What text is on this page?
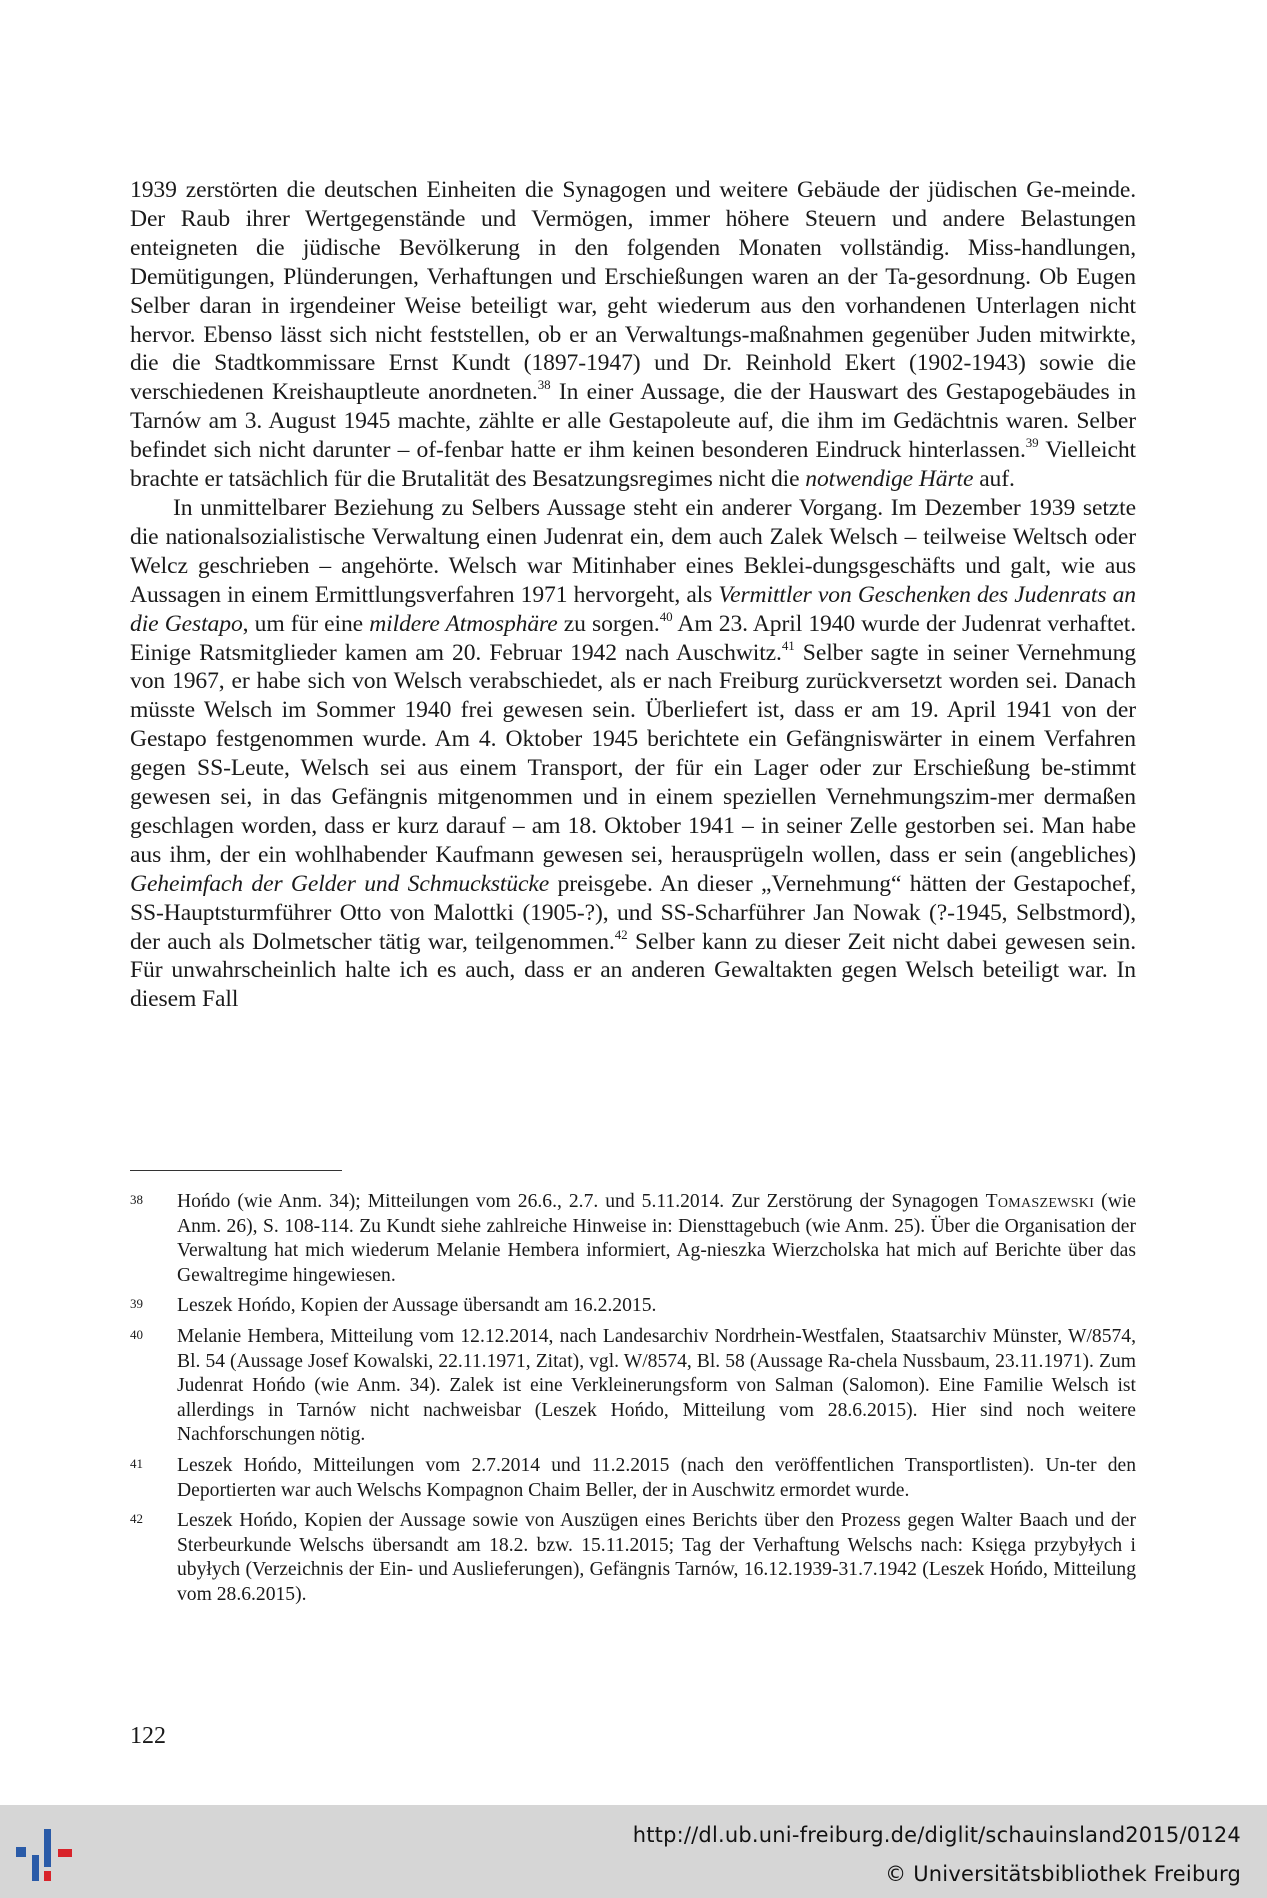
1939 zerstörten die deutschen Einheiten die Synagogen und weitere Gebäude der jüdischen Ge-meinde. Der Raub ihrer Wertgegenstände und Vermögen, immer höhere Steuern und andere Belastungen enteigneten die jüdische Bevölkerung in den folgenden Monaten vollständig. Miss-handlungen, Demütigungen, Plünderungen, Verhaftungen und Erschießungen waren an der Ta-gesordnung. Ob Eugen Selber daran in irgendeiner Weise beteiligt war, geht wiederum aus den vorhandenen Unterlagen nicht hervor. Ebenso lässt sich nicht feststellen, ob er an Verwaltungs-maßnahmen gegenüber Juden mitwirkte, die die Stadtkommissare Ernst Kundt (1897-1947) und Dr. Reinhold Ekert (1902-1943) sowie die verschiedenen Kreishauptleute anordneten.$^{38}$ In einer Aussage, die der Hauswart des Gestapogebäudes in Tarnów am 3. August 1945 machte, zählte er alle Gestapoleute auf, die ihm im Gedächtnis waren. Selber befindet sich nicht darunter – of-fenbar hatte er ihm keinen besonderen Eindruck hinterlassen.$^{39}$ Vielleicht brachte er tatsächlich für die Brutalität des Besatzungsregimes nicht die notwendige Härte auf.

In unmittelbarer Beziehung zu Selbers Aussage steht ein anderer Vorgang. Im Dezember 1939 setzte die nationalsozialistische Verwaltung einen Judenrat ein, dem auch Zalek Welsch – teilweise Weltsch oder Welcz geschrieben – angehörte. Welsch war Mitinhaber eines Beklei-dungsgeschäfts und galt, wie aus Aussagen in einem Ermittlungsverfahren 1971 hervorgeht, als Vermittler von Geschenken des Judenrats an die Gestapo, um für eine mildere Atmosphäre zu sorgen.$^{40}$ Am 23. April 1940 wurde der Judenrat verhaftet. Einige Ratsmitglieder kamen am 20. Februar 1942 nach Auschwitz.$^{41}$ Selber sagte in seiner Vernehmung von 1967, er habe sich von Welsch verabschiedet, als er nach Freiburg zurückversetzt worden sei. Danach müsste Welsch im Sommer 1940 frei gewesen sein. Überliefert ist, dass er am 19. April 1941 von der Gestapo festgenommen wurde. Am 4. Oktober 1945 berichtete ein Gefängniswärter in einem Verfahren gegen SS-Leute, Welsch sei aus einem Transport, der für ein Lager oder zur Erschießung be-stimmt gewesen sei, in das Gefängnis mitgenommen und in einem speziellen Vernehmungszim-mer dermaßen geschlagen worden, dass er kurz darauf – am 18. Oktober 1941 – in seiner Zelle gestorben sei. Man habe aus ihm, der ein wohlhabender Kaufmann gewesen sei, herausprügeln wollen, dass er sein (angebliches) Geheimfach der Gelder und Schmuckstücke preisgebe. An dieser „Vernehmung“ hätten der Gestapochef, SS-Hauptsturmführer Otto von Malottki (1905-?), und SS-Scharführer Jan Nowak (?-1945, Selbstmord), der auch als Dolmetscher tätig war, teilgenommen.$^{42}$ Selber kann zu dieser Zeit nicht dabei gewesen sein. Für unwahrscheinlich halte ich es auch, dass er an anderen Gewaltakten gegen Welsch beteiligt war. In diesem Fall

38	Hońdo (wie Anm. 34); Mitteilungen vom 26.6., 2.7. und 5.11.2014. Zur Zerstörung der Synagogen Tomaszewski (wie Anm. 26), S. 108-114. Zu Kundt siehe zahlreiche Hinweise in: Diensttagebuch (wie Anm. 25). Über die Organisation der Verwaltung hat mich wiederum Melanie Hembera informiert, Ag-nieszka Wierzcholska hat mich auf Berichte über das Gewaltregime hingewiesen.
39	Leszek Hońdo, Kopien der Aussage übersandt am 16.2.2015.
40	Melanie Hembera, Mitteilung vom 12.12.2014, nach Landesarchiv Nordrhein-Westfalen, Staatsarchiv Münster, W/8574, Bl. 54 (Aussage Josef Kowalski, 22.11.1971, Zitat), vgl. W/8574, Bl. 58 (Aussage Ra-chela Nussbaum, 23.11.1971). Zum Judenrat Hońdo (wie Anm. 34). Zalek ist eine Verkleinerungsform von Salman (Salomon). Eine Familie Welsch ist allerdings in Tarnów nicht nachweisbar (Leszek Hońdo, Mitteilung vom 28.6.2015). Hier sind noch weitere Nachforschungen nötig.
41	Leszek Hońdo, Mitteilungen vom 2.7.2014 und 11.2.2015 (nach den veröffentlichen Transportlisten). Un-ter den Deportierten war auch Welschs Kompagnon Chaim Beller, der in Auschwitz ermordet wurde.
42	Leszek Hońdo, Kopien der Aussage sowie von Auszügen eines Berichts über den Prozess gegen Walter Baach und der Sterbeurkunde Welschs übersandt am 18.2. bzw. 15.11.2015; Tag der Verhaftung Welschs nach: Księga przybyłych i ubyłych (Verzeichnis der Ein- und Auslieferungen), Gefängnis Tarnów, 16.12.1939-31.7.1942 (Leszek Hońdo, Mitteilung vom 28.6.2015).
122
http://dl.ub.uni-freiburg.de/diglit/schauinsland2015/0124
© Universitätsbibliothek Freiburg
